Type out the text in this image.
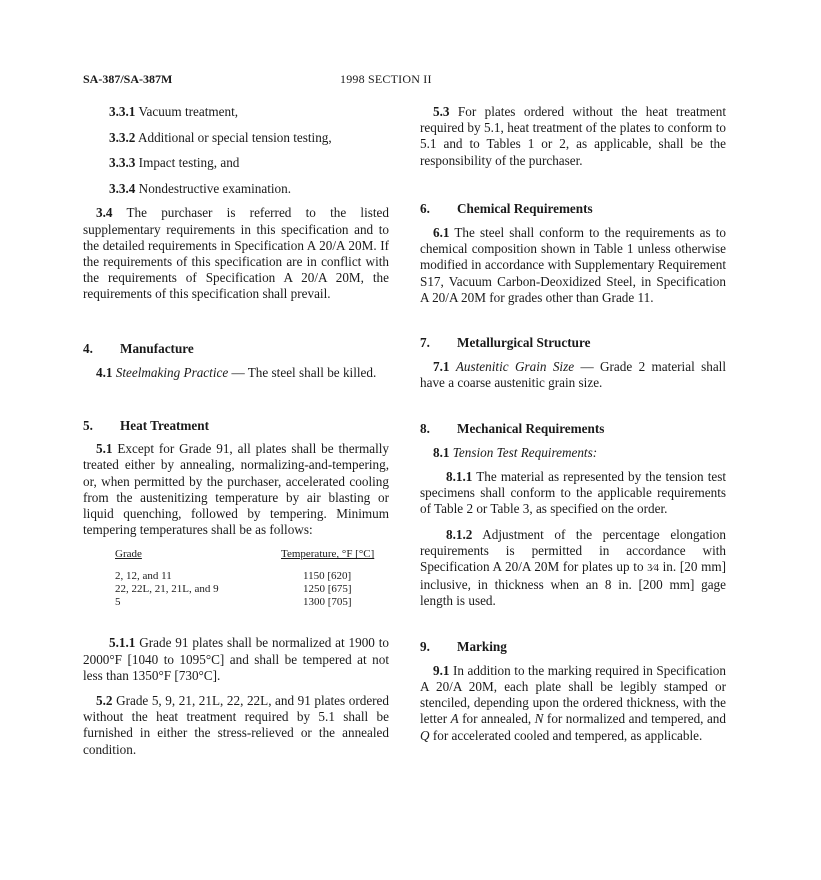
SA-387/SA-387M	1998 SECTION II

3.3.1 Vacuum treatment,

3.3.2 Additional or special tension testing,

3.3.3 Impact testing, and

3.3.4 Nondestructive examination.

3.4 The purchaser is referred to the listed supplementary requirements in this specification and to the detailed requirements in Specification A 20/A 20M. If the requirements of this specification are in conflict with the requirements of Specification A 20/A 20M, the requirements of this specification shall prevail.

4.	Manufacture

4.1 Steelmaking Practice — The steel shall be killed.

5.	Heat Treatment

5.1 Except for Grade 91, all plates shall be thermally treated either by annealing, normalizing-and-tempering, or, when permitted by the purchaser, accelerated cooling from the austenitizing temperature by air blasting or liquid quenching, followed by tempering. Minimum tempering temperatures shall be as follows:

Grade	Temperature, °F [°C]
2, 12, and 11	1150 [620]
22, 22L, 21, 21L, and 9	1250 [675]
5	1300 [705]

5.1.1 Grade 91 plates shall be normalized at 1900 to 2000°F [1040 to 1095°C] and shall be tempered at not less than 1350°F [730°C].

5.2 Grade 5, 9, 21, 21L, 22, 22L, and 91 plates ordered without the heat treatment required by 5.1 shall be furnished in either the stress-relieved or the annealed condition.

5.3 For plates ordered without the heat treatment required by 5.1, heat treatment of the plates to conform to 5.1 and to Tables 1 or 2, as applicable, shall be the responsibility of the purchaser.

6.	Chemical Requirements

6.1 The steel shall conform to the requirements as to chemical composition shown in Table 1 unless otherwise modified in accordance with Supplementary Requirement S17, Vacuum Carbon-Deoxidized Steel, in Specification A 20/A 20M for grades other than Grade 11.

7.	Metallurgical Structure

7.1 Austenitic Grain Size — Grade 2 material shall have a coarse austenitic grain size.

8.	Mechanical Requirements

8.1 Tension Test Requirements:

8.1.1 The material as represented by the tension test specimens shall conform to the applicable requirements of Table 2 or Table 3, as specified on the order.

8.1.2 Adjustment of the percentage elongation requirements is permitted in accordance with Specification A 20/A 20M for plates up to 3⁄4 in. [20 mm] inclusive, in thickness when an 8 in. [200 mm] gage length is used.

9.	Marking

9.1 In addition to the marking required in Specification A 20/A 20M, each plate shall be legibly stamped or stenciled, depending upon the ordered thickness, with the letter A for annealed, N for normalized and tempered, and Q for accelerated cooled and tempered, as applicable.
